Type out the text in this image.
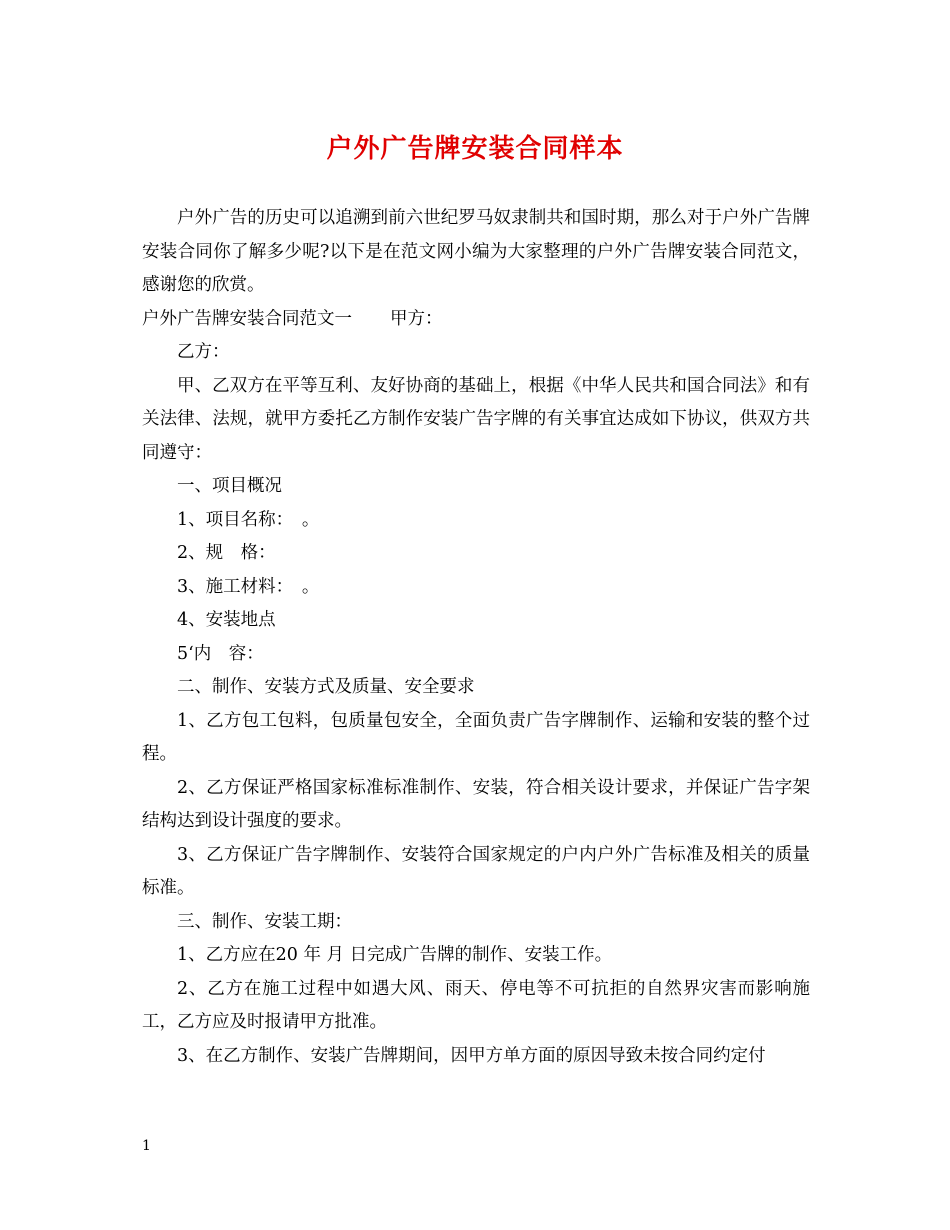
户外广告牌安装合同样本

户外广告的历史可以追溯到前六世纪罗马奴隶制共和国时期，那么对于户外广告牌安装合同你了解多少呢?以下是在范文网小编为大家整理的户外广告牌安装合同范文，感谢您的欣赏。

户外广告牌安装合同范文一 甲方：

乙方：

甲、乙双方在平等互利、友好协商的基础上，根据《中华人民共和国合同法》和有关法律、法规，就甲方委托乙方制作安装广告字牌的有关事宜达成如下协议，供双方共同遵守：

一、项目概况

1、项目名称：　。

2、规　格：

3、施工材料：　。

4、安装地点

5‘内　容：

二、制作、安装方式及质量、安全要求

1、乙方包工包料，包质量包安全，全面负责广告字牌制作、运输和安装的整个过程。

2、乙方保证严格国家标准标准制作、安装，符合相关设计要求，并保证广告字架结构达到设计强度的要求。

3、乙方保证广告字牌制作、安装符合国家规定的户内户外广告标准及相关的质量标准。

三、制作、安装工期：

1、乙方应在20 年 月 日完成广告牌的制作、安装工作。

2、乙方在施工过程中如遇大风、雨天、停电等不可抗拒的自然界灾害而影响施工，乙方应及时报请甲方批准。

3、在乙方制作、安装广告牌期间，因甲方单方面的原因导致未按合同约定付

1
